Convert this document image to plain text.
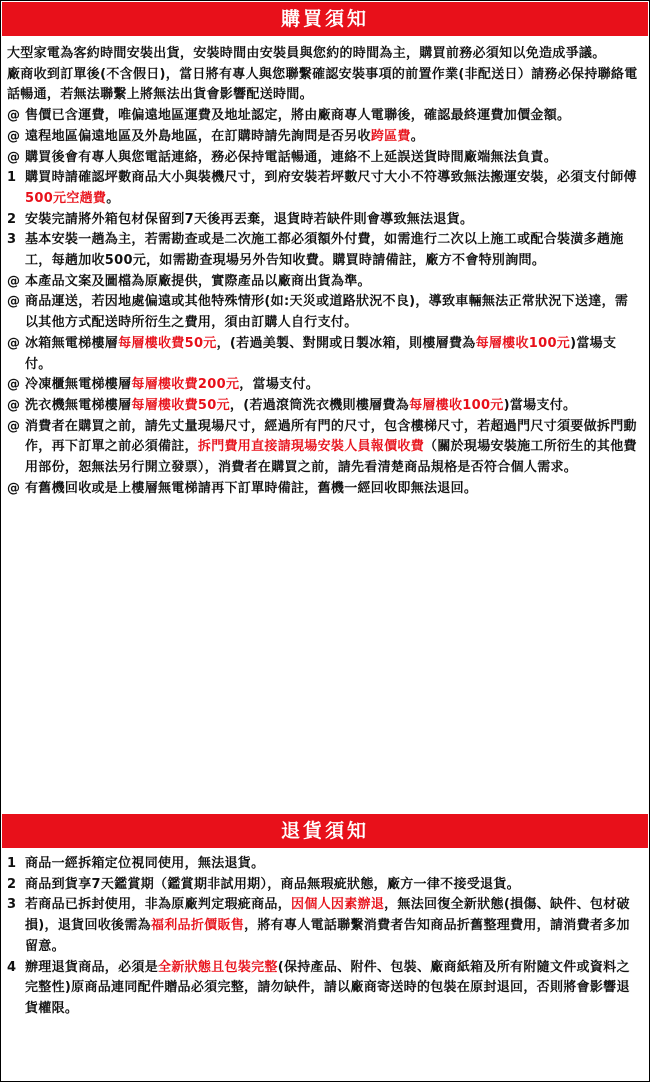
購買須知

大型家電為客約時間安裝出貨，安裝時間由安裝員與您約的時間為主，購買前務必須知以免造成爭議。

廠商收到訂單後(不含假日)，當日將有專人與您聯繫確認安裝事項的前置作業(非配送日）請務必保持聯絡電話暢通，若無法聯繫上將無法出貨會影響配送時間。

@ 售價已含運費，唯偏遠地區運費及地址認定，將由廠商專人電聯後，確認最終運費加價金額。

@ 遠程地區偏遠地區及外島地區，在訂購時請先詢問是否另收跨區費。

@ 購買後會有專人與您電話連絡，務必保持電話暢通，連絡不上延誤送貨時間廠端無法負責。

1 購買時請確認坪數商品大小與裝機尺寸，到府安裝若坪數尺寸大小不符導致無法搬運安裝，必須支付師傅500元空趟費。

2 安裝完請將外箱包材保留到7天後再丟棄，退貨時若缺件則會導致無法退貨。

3 基本安裝一趟為主，若需勘查或是二次施工都必須額外付費，如需進行二次以上施工或配合裝潢多趟施工，每趟加收500元，如需勘查現場另外告知收費。購買時請備註，廠方不會特別詢問。

@ 本產品文案及圖檔為原廠提供，實際產品以廠商出貨為準。

@ 商品運送，若因地處偏遠或其他特殊情形(如:天災或道路狀況不良)，導致車輛無法正常狀況下送達，需以其他方式配送時所衍生之費用，須由訂購人自行支付。

@ 冰箱無電梯樓層每層樓收費50元，(若過美製、對開或日製冰箱，則樓層費為每層樓收100元)當場支付。

@ 冷凍櫃無電梯樓層每層樓收費200元，當場支付。

@ 洗衣機無電梯樓層每層樓收費50元，(若過滾筒洗衣機則樓層費為每層樓收100元)當場支付。

@ 消費者在購買之前，請先丈量現場尺寸，經過所有門的尺寸，包含樓梯尺寸，若超過門尺寸須要做拆門動作，再下訂單之前必須備註，拆門費用直接請現場安裝人員報價收費（關於現場安裝施工所衍生的其他費用部份，恕無法另行開立發票），消費者在購買之前，請先看清楚商品規格是否符合個人需求。

@ 有舊機回收或是上樓層無電梯請再下訂單時備註，舊機一經回收即無法退回。

退貨須知

1 商品一經拆箱定位視同使用，無法退貨。

2 商品到貨享7天鑑賞期（鑑賞期非試用期），商品無瑕疵狀態，廠方一律不接受退貨。

3 若商品已拆封使用，非為原廠判定瑕疵商品，因個人因素辦退，無法回復全新狀態(損傷、缺件、包材破損)，退貨回收後需為福利品折價販售，將有專人電話聯繫消費者告知商品折舊整理費用，請消費者多加留意。

4 辦理退貨商品，必須是全新狀態且包裝完整(保持產品、附件、包裝、廠商紙箱及所有附隨文件或資料之完整性)原商品連同配件贈品必須完整，請勿缺件，請以廠商寄送時的包裝在原封退回，否則將會影響退貨權限。
